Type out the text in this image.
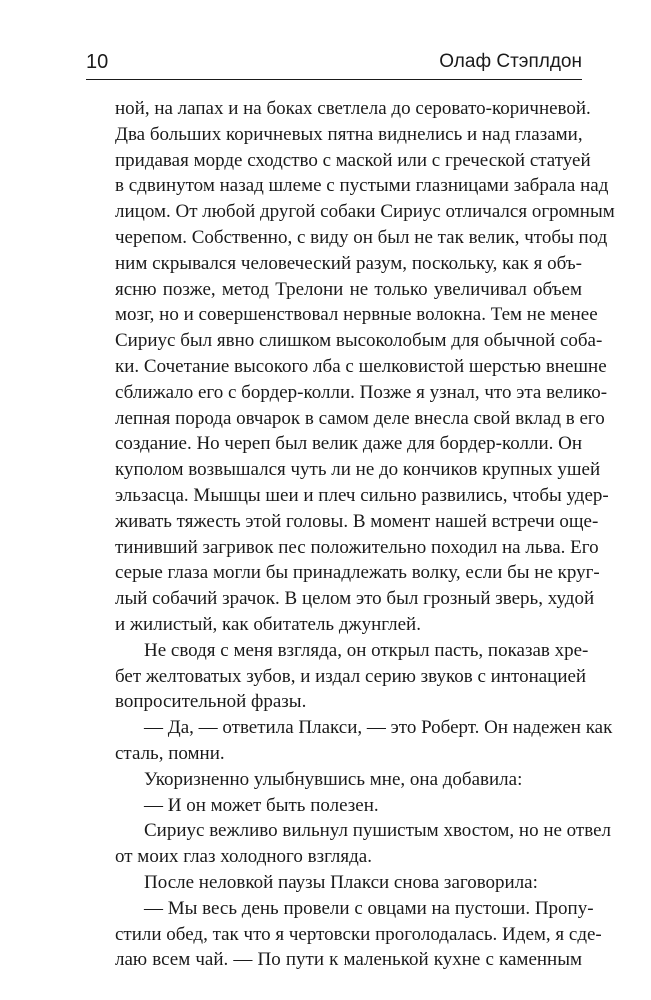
10	Олаф Стэплдон
ной, на лапах и на боках светлела до серовато-коричневой.
Два больших коричневых пятна виднелись и над глазами,
придавая морде сходство с маской или с греческой статуей
в сдвинутом назад шлеме с пустыми глазницами забрала над
лицом. От любой другой собаки Сириус отличался огромным
черепом. Собственно, с виду он был не так велик, чтобы под
ним скрывался человеческий разум, поскольку, как я объ-
ясню позже, метод Трелони не только увеличивал объем
мозг, но и совершенствовал нервные волокна. Тем не менее
Сириус был явно слишком высоколобым для обычной соба-
ки. Сочетание высокого лба с шелковистой шерстью внешне
сближало его с бордер-колли. Позже я узнал, что эта велико-
лепная порода овчарок в самом деле внесла свой вклад в его
создание. Но череп был велик даже для бордер-колли. Он
куполом возвышался чуть ли не до кончиков крупных ушей
эльзасца. Мышцы шеи и плеч сильно развились, чтобы удер-
живать тяжесть этой головы. В момент нашей встречи още-
тинивший загривок пес положительно походил на льва. Его
серые глаза могли бы принадлежать волку, если бы не круг-
лый собачий зрачок. В целом это был грозный зверь, худой
и жилистый, как обитатель джунглей.
Не сводя с меня взгляда, он открыл пасть, показав хре-
бет желтоватых зубов, и издал серию звуков с интонацией
вопросительной фразы.
— Да, — ответила Плакси, — это Роберт. Он надежен как
сталь, помни.
Укоризненно улыбнувшись мне, она добавила:
— И он может быть полезен.
Сириус вежливо вильнул пушистым хвостом, но не отвел
от моих глаз холодного взгляда.
После неловкой паузы Плакси снова заговорила:
— Мы весь день провели с овцами на пустоши. Пропу-
стили обед, так что я чертовски проголодалась. Идем, я сде-
лаю всем чай. — По пути к маленькой кухне с каменным
